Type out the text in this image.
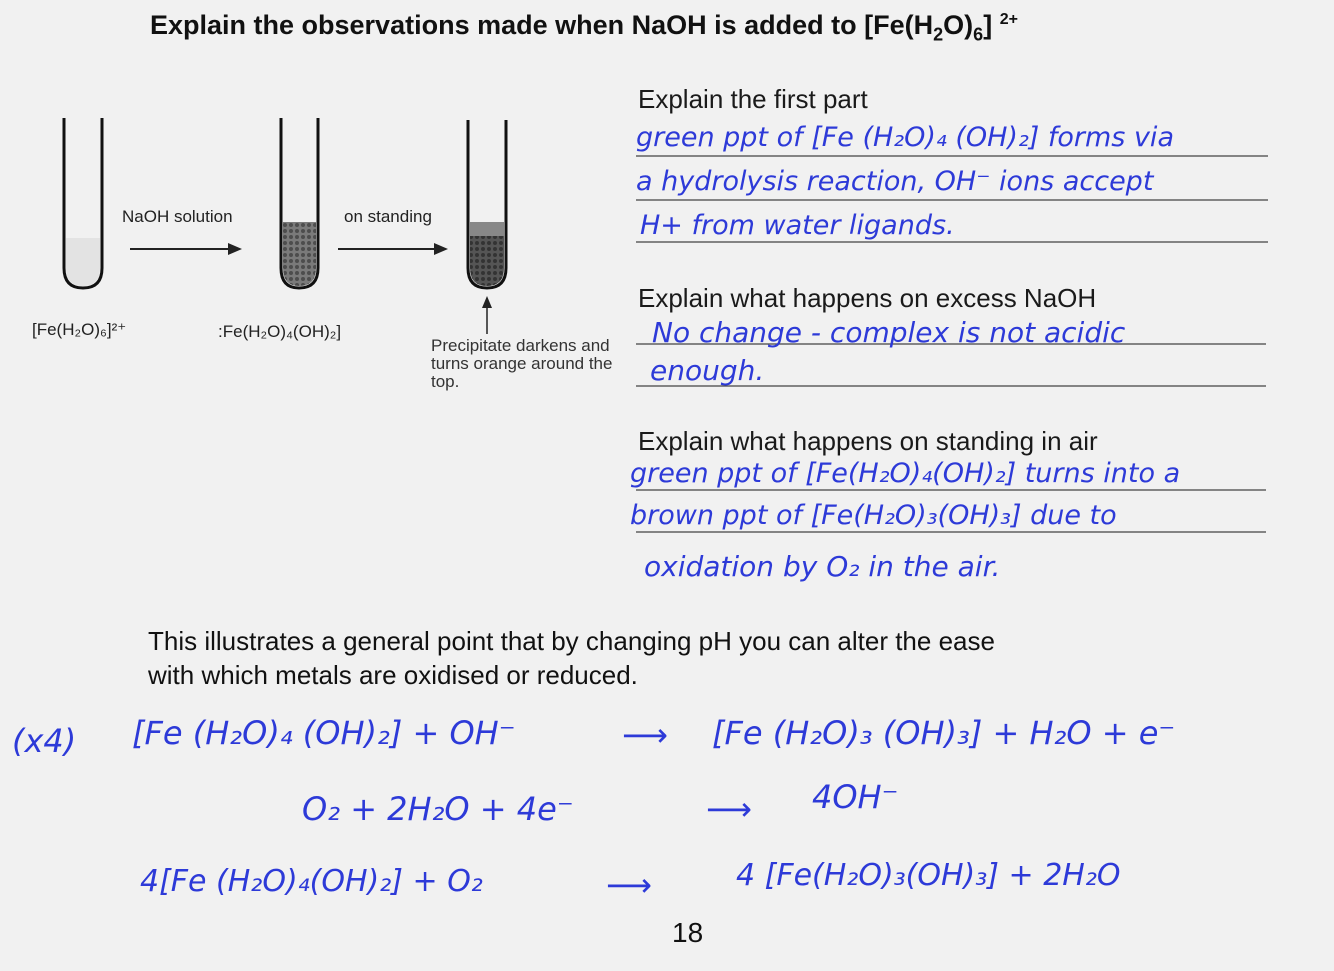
Explain the observations made when NaOH is added to $[Fe(H_2O)_6]$ $^{2+}$
NaOH solution	on standing
[Fe(H₂O)₆]²⁺	:Fe(H₂O)₄(OH)₂]
Precipitate darkens and turns orange around the top.
Explain the first part
green ppt of [Fe (H₂O)₄ (OH)₂] forms via
a hydrolysis reaction, OH⁻ ions accept
H+ from water ligands.
Explain what happens on excess NaOH
No change - complex is not acidic
enough.
Explain what happens on standing in air
green ppt of [Fe(H₂O)₄(OH)₂] turns into a
brown ppt of [Fe(H₂O)₃(OH)₃] due to
oxidation by O₂ in the air.
This illustrates a general point that by changing pH you can alter the ease
with which metals are oxidised or reduced.
(x4) [Fe (H₂O)₄ (OH)₂] + OH⁻	⟶ [Fe (H₂O)₃ (OH)₃] + H₂O + e⁻
O₂ + 2H₂O + 4e⁻	⟶ 4OH⁻
4[Fe (H₂O)₄(OH)₂] + O₂	⟶	4 [Fe(H₂O)₃(OH)₃] + 2H₂O
18
